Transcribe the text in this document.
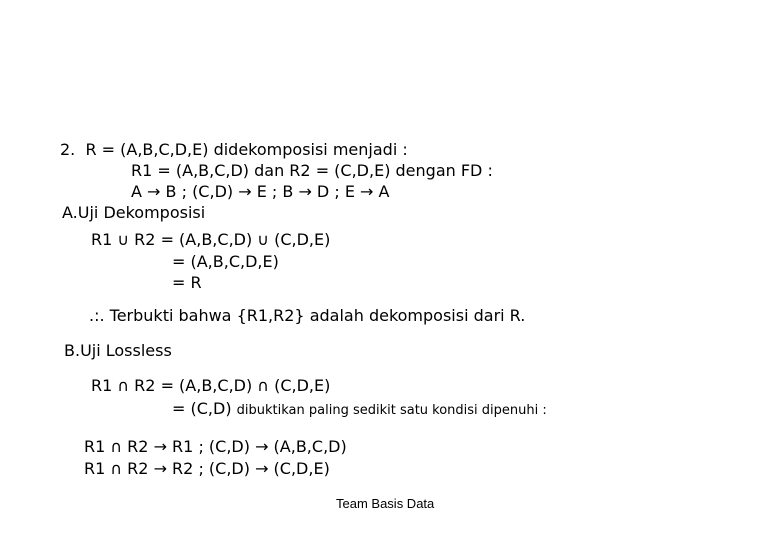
2.  R = (A,B,C,D,E) didekomposisi menjadi :
R1 = (A,B,C,D) dan R2 = (C,D,E) dengan FD :
A → B ; (C,D) → E ; B → D ; E → A
A.Uji Dekomposisi
R1 ∪ R2 = (A,B,C,D) ∪ (C,D,E)
= (A,B,C,D,E)
= R
.:. Terbukti bahwa {R1,R2} adalah dekomposisi dari R.
B.Uji Lossless
R1 ∩ R2 = (A,B,C,D) ∩ (C,D,E)
= (C,D) dibuktikan paling sedikit satu kondisi dipenuhi :
R1 ∩ R2 → R1 ; (C,D) → (A,B,C,D)
R1 ∩ R2 → R2 ; (C,D) → (C,D,E)
Team Basis Data
